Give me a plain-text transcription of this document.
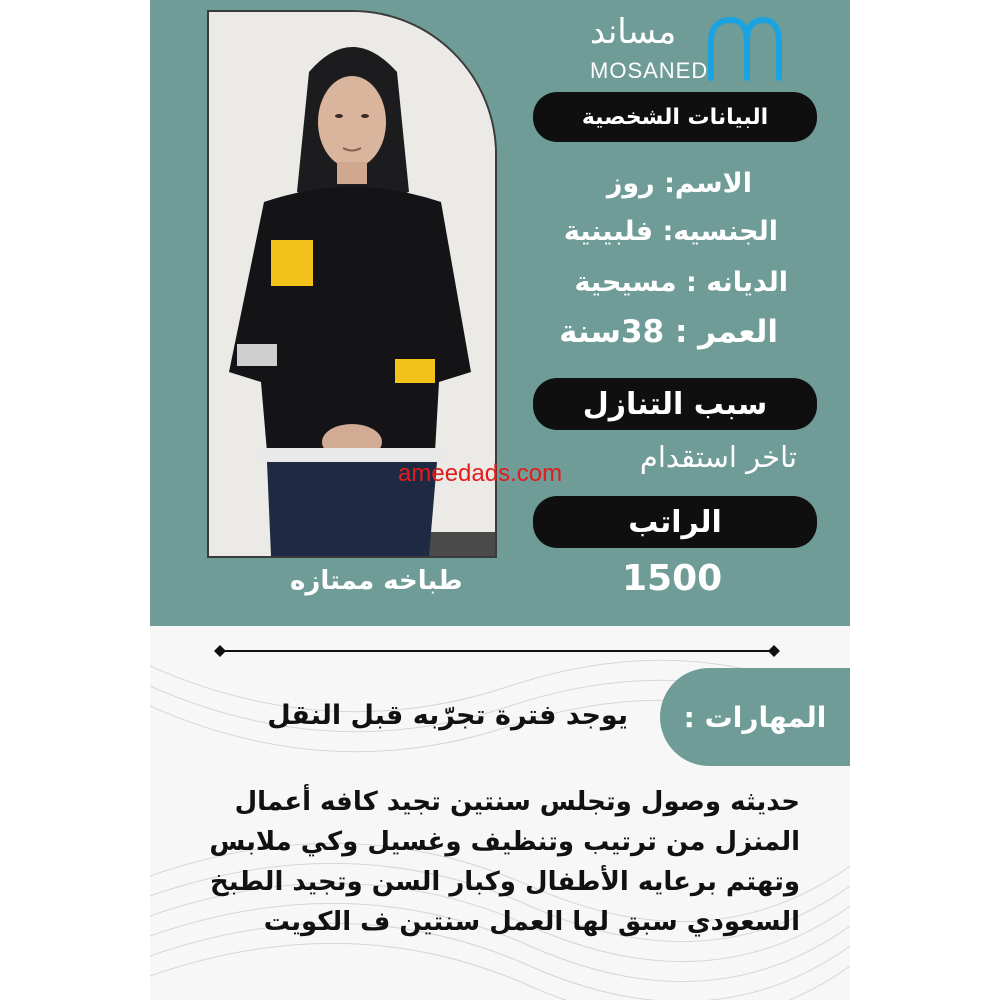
مساند
MOSANED
البيانات الشخصية
الاسم: روز
الجنسيه: فلبينية
الديانه : مسيحية
العمر : 38سنة
سبب التنازل
تاخر استقدام
ameedads.com
الراتب
1500
طباخه ممتازه
المهارات :
يوجد فترة تجرّبه قبل النقل
حديثه وصول وتجلس سنتين تجيد كافه أعمال
المنزل من ترتيب وتنظيف وغسيل وكي ملابس
وتهتم برعايه الأطفال وكبار السن وتجيد الطبخ
السعودي سبق لها العمل سنتين ف الكويت
